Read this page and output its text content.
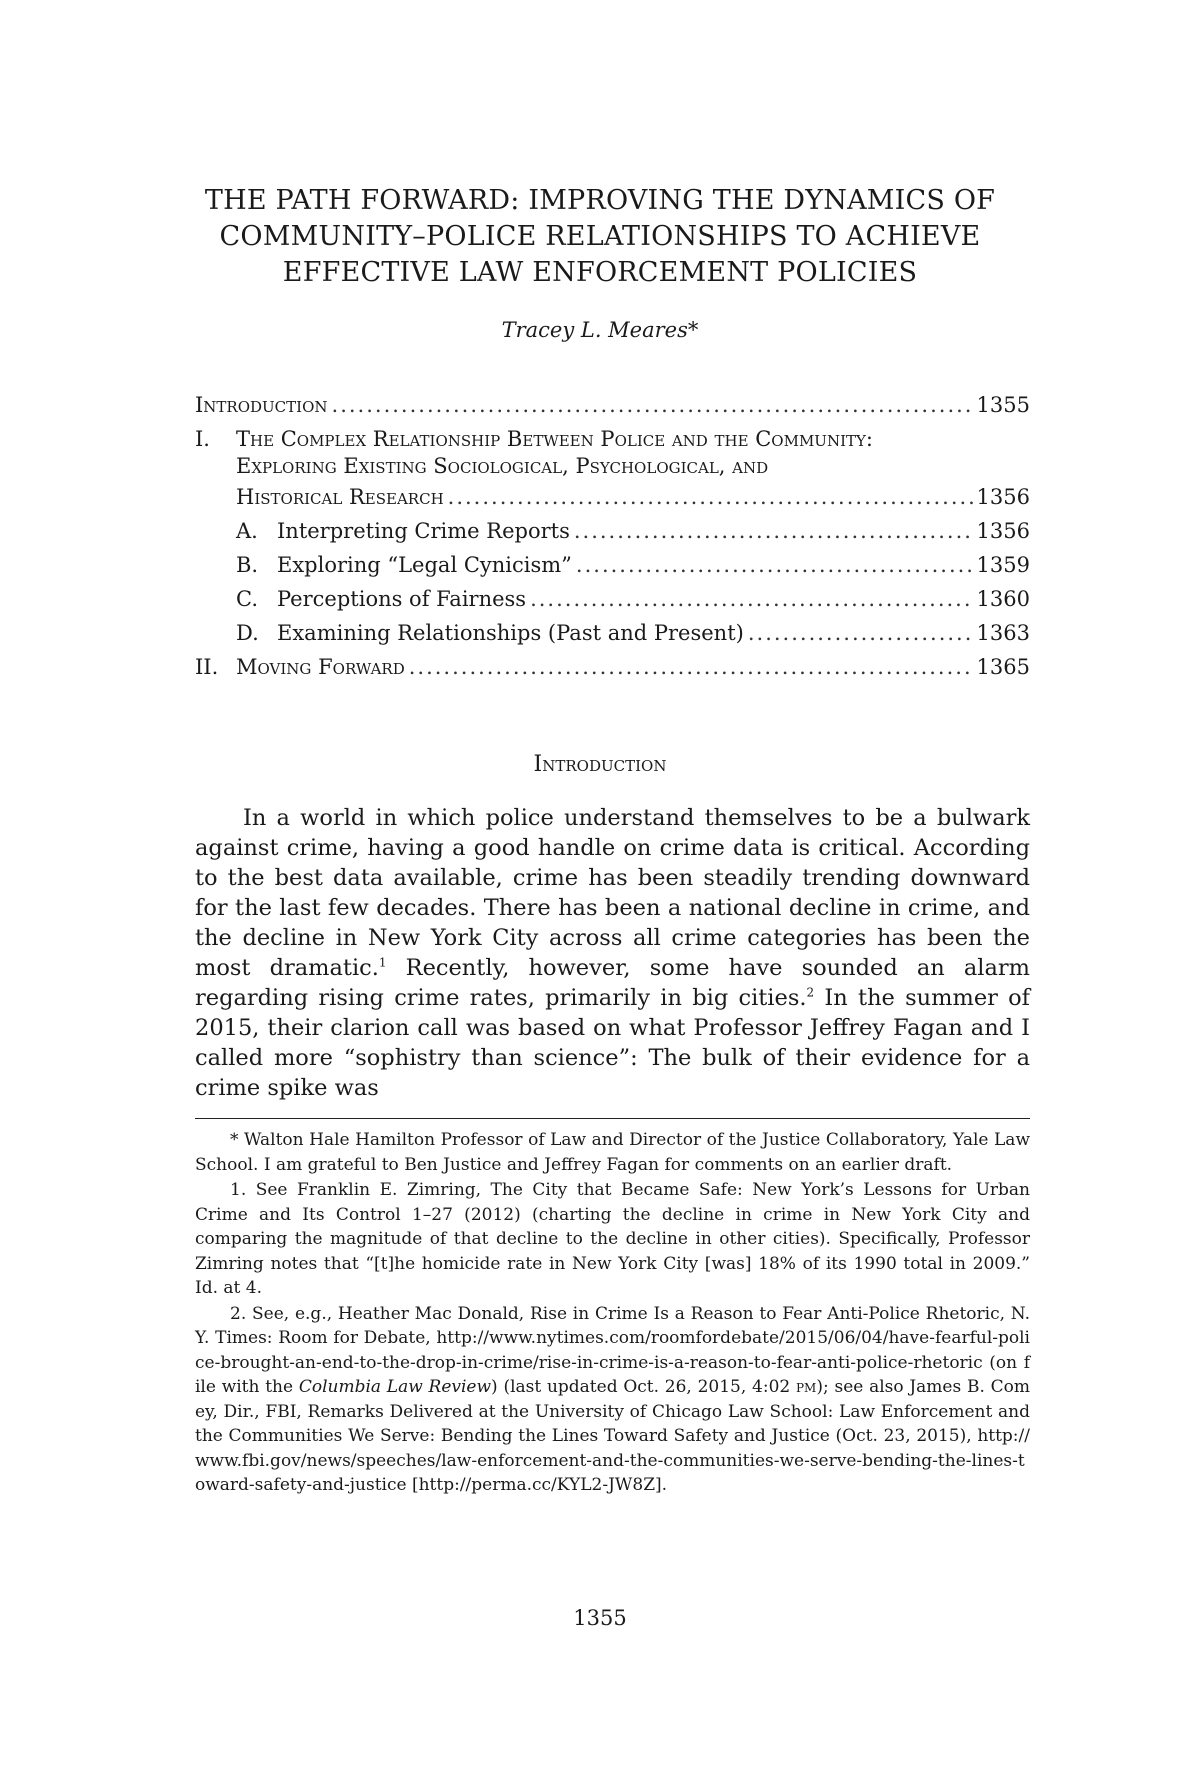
THE PATH FORWARD: IMPROVING THE DYNAMICS OF
COMMUNITY–POLICE RELATIONSHIPS TO ACHIEVE
EFFECTIVE LAW ENFORCEMENT POLICIES
Tracey L. Meares*
Introduction .....	1355
I. The Complex Relationship Between Police and the Community:
Exploring Existing Sociological, Psychological, and
Historical Research .....	1356
A. Interpreting Crime Reports .....	1356
B. Exploring “Legal Cynicism” .....	1359
C. Perceptions of Fairness .....	1360
D. Examining Relationships (Past and Present) .....	1363
II. Moving Forward .....	1365
Introduction

In a world in which police understand themselves to be a bulwark against crime, having a good handle on crime data is critical. According to the best data available, crime has been steadily trending downward for the last few decades. There has been a national decline in crime, and the decline in New York City across all crime categories has been the most dramatic.$^1$ Recently, however, some have sounded an alarm regarding rising crime rates, primarily in big cities.$^2$ In the summer of 2015, their clarion call was based on what Professor Jeffrey Fagan and I called more “sophistry than science”: The bulk of their evidence for a crime spike was

* Walton Hale Hamilton Professor of Law and Director of the Justice Collaboratory, Yale Law School. I am grateful to Ben Justice and Jeffrey Fagan for comments on an earlier draft.

1. See Franklin E. Zimring, The City that Became Safe: New York’s Lessons for Urban Crime and Its Control 1–27 (2012) (charting the decline in crime in New York City and comparing the magnitude of that decline to the decline in other cities). Specifically, Professor Zimring notes that “[t]he homicide rate in New York City [was] 18% of its 1990 total in 2009.” Id. at 4.

2. See, e.g., Heather Mac Donald, Rise in Crime Is a Reason to Fear Anti-Police Rhetoric, N.Y. Times: Room for Debate, http://www.nytimes.com/roomfordebate/2015/06/04/have-fearful-police-brought-an-end-to-the-drop-in-crime/rise-in-crime-is-a-reason-to-fear-anti-police-rhetoric (on file with the Columbia Law Review) (last updated Oct. 26, 2015, 4:02 pm); see also James B. Comey, Dir., FBI, Remarks Delivered at the University of Chicago Law School: Law Enforcement and the Communities We Serve: Bending the Lines Toward Safety and Justice (Oct. 23, 2015), http://www.fbi.gov/news/speeches/law-enforcement-and-the-communities-we-serve-bending-the-lines-toward-safety-and-justice [http://perma.cc/KYL2-JW8Z].

1355
